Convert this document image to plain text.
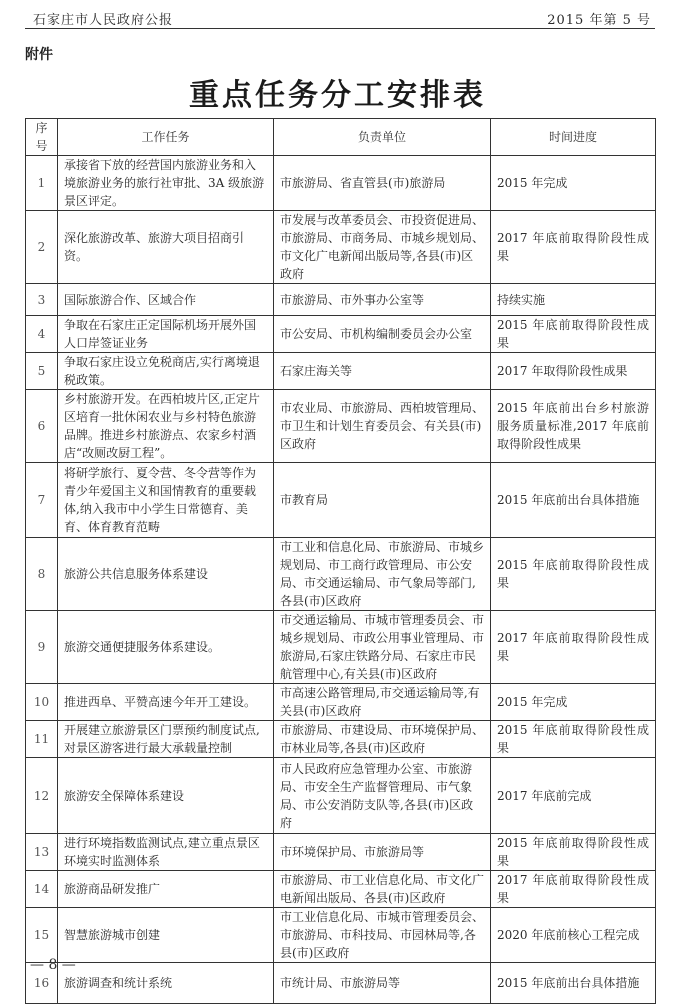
石家庄市人民政府公报	2015 年第 5 号
附件
重点任务分工安排表
序号	工作任务	负责单位	时间进度
1	承接省下放的经营国内旅游业务和入境旅游业务的旅行社审批、3A 级旅游景区评定。	市旅游局、省直管县(市)旅游局	2015 年完成
2	深化旅游改革、旅游大项目招商引资。	市发展与改革委员会、市投资促进局、市旅游局、市商务局、市城乡规划局、市文化广电新闻出版局等,各县(市)区政府	2017 年底前取得阶段性成果
3	国际旅游合作、区域合作	市旅游局、市外事办公室等	持续实施
4	争取在石家庄正定国际机场开展外国人口岸签证业务	市公安局、市机构编制委员会办公室	2015 年底前取得阶段性成果
5	争取石家庄设立免税商店,实行离境退税政策。	石家庄海关等	2017 年取得阶段性成果
6	乡村旅游开发。在西柏坡片区,正定片区培育一批休闲农业与乡村特色旅游品牌。推进乡村旅游点、农家乡村酒店“改厕改厨工程”。	市农业局、市旅游局、西柏坡管理局、市卫生和计划生育委员会、有关县(市)区政府	2015 年底前出台乡村旅游服务质量标准,2017 年底前取得阶段性成果
7	将研学旅行、夏令营、冬令营等作为青少年爱国主义和国情教育的重要载体,纳入我市中小学生日常德育、美育、体育教育范畴	市教育局	2015 年底前出台具体措施
8	旅游公共信息服务体系建设	市工业和信息化局、市旅游局、市城乡规划局、市工商行政管理局、市公安局、市交通运输局、市气象局等部门,各县(市)区政府	2015 年底前取得阶段性成果
9	旅游交通便捷服务体系建设。	市交通运输局、市城市管理委员会、市城乡规划局、市政公用事业管理局、市旅游局,石家庄铁路分局、石家庄市民航管理中心,有关县(市)区政府	2017 年底前取得阶段性成果
10	推进西阜、平赞高速今年开工建设。	市高速公路管理局,市交通运输局等,有关县(市)区政府	2015 年完成
11	开展建立旅游景区门票预约制度试点,对景区游客进行最大承载量控制	市旅游局、市建设局、市环境保护局、市林业局等,各县(市)区政府	2015 年底前取得阶段性成果
12	旅游安全保障体系建设	市人民政府应急管理办公室、市旅游局、市安全生产监督管理局、市气象局、市公安消防支队等,各县(市)区政府	2017 年底前完成
13	进行环境指数监测试点,建立重点景区环境实时监测体系	市环境保护局、市旅游局等	2015 年底前取得阶段性成果
14	旅游商品研发推广	市旅游局、市工业信息化局、市文化广电新闻出版局、各县(市)区政府	2017 年底前取得阶段性成果
15	智慧旅游城市创建	市工业信息化局、市城市管理委员会、市旅游局、市科技局、市园林局等,各县(市)区政府	2020 年底前核心工程完成
16	旅游调查和统计系统	市统计局、市旅游局等	2015 年底前出台具体措施
— 8 —
